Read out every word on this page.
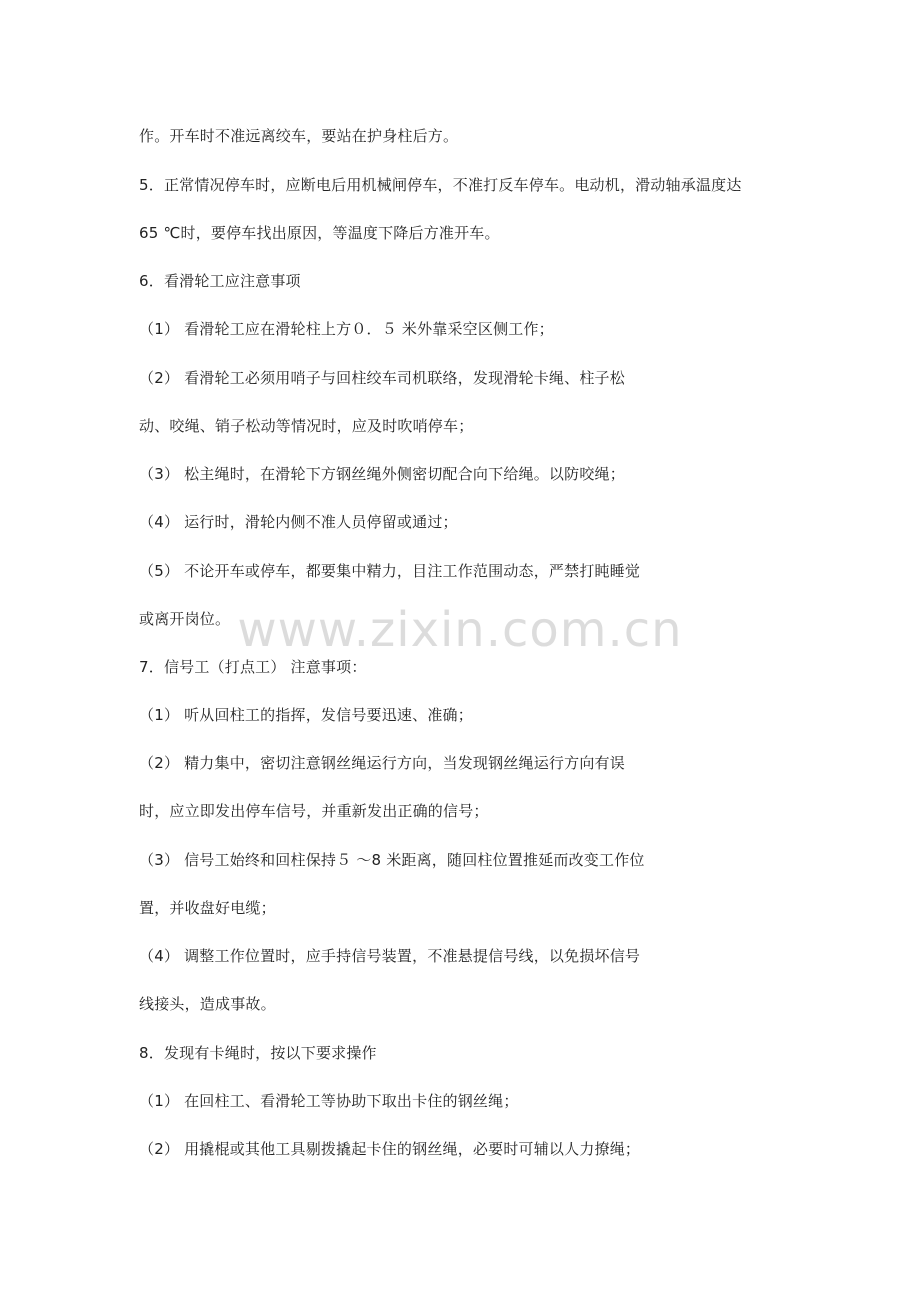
作。开车时不准远离绞车，要站在护身柱后方。
5．正常情况停车时，应断电后用机械闸停车，不准打反车停车。电动机，滑动轴承温度达
65 ℃时，要停车找出原因，等温度下降后方准开车。
6．看滑轮工应注意事项
（1） 看滑轮工应在滑轮柱上方０．５ 米外靠采空区侧工作；
（2） 看滑轮工必须用哨子与回柱绞车司机联络，发现滑轮卡绳、柱子松
动、咬绳、销子松动等情况时，应及时吹哨停车；
（3） 松主绳时，在滑轮下方钢丝绳外侧密切配合向下给绳。以防咬绳；
（4） 运行时，滑轮内侧不准人员停留或通过；
（5） 不论开车或停车，都要集中精力，目注工作范围动态，严禁打盹睡觉
或离开岗位。
7．信号工（打点工） 注意事项：
（1） 听从回柱工的指挥，发信号要迅速、准确；
（2） 精力集中，密切注意钢丝绳运行方向，当发现钢丝绳运行方向有误
时，应立即发出停车信号，并重新发出正确的信号；
（3） 信号工始终和回柱保持５ ～8 米距离，随回柱位置推延而改变工作位
置，并收盘好电缆；
（4） 调整工作位置时，应手持信号装置，不准悬提信号线，以免损坏信号
线接头，造成事故。
8．发现有卡绳时，按以下要求操作
（1） 在回柱工、看滑轮工等协助下取出卡住的钢丝绳；
（2） 用撬棍或其他工具剔拨撬起卡住的钢丝绳，必要时可辅以人力撩绳；
www.zixin.com.cn
